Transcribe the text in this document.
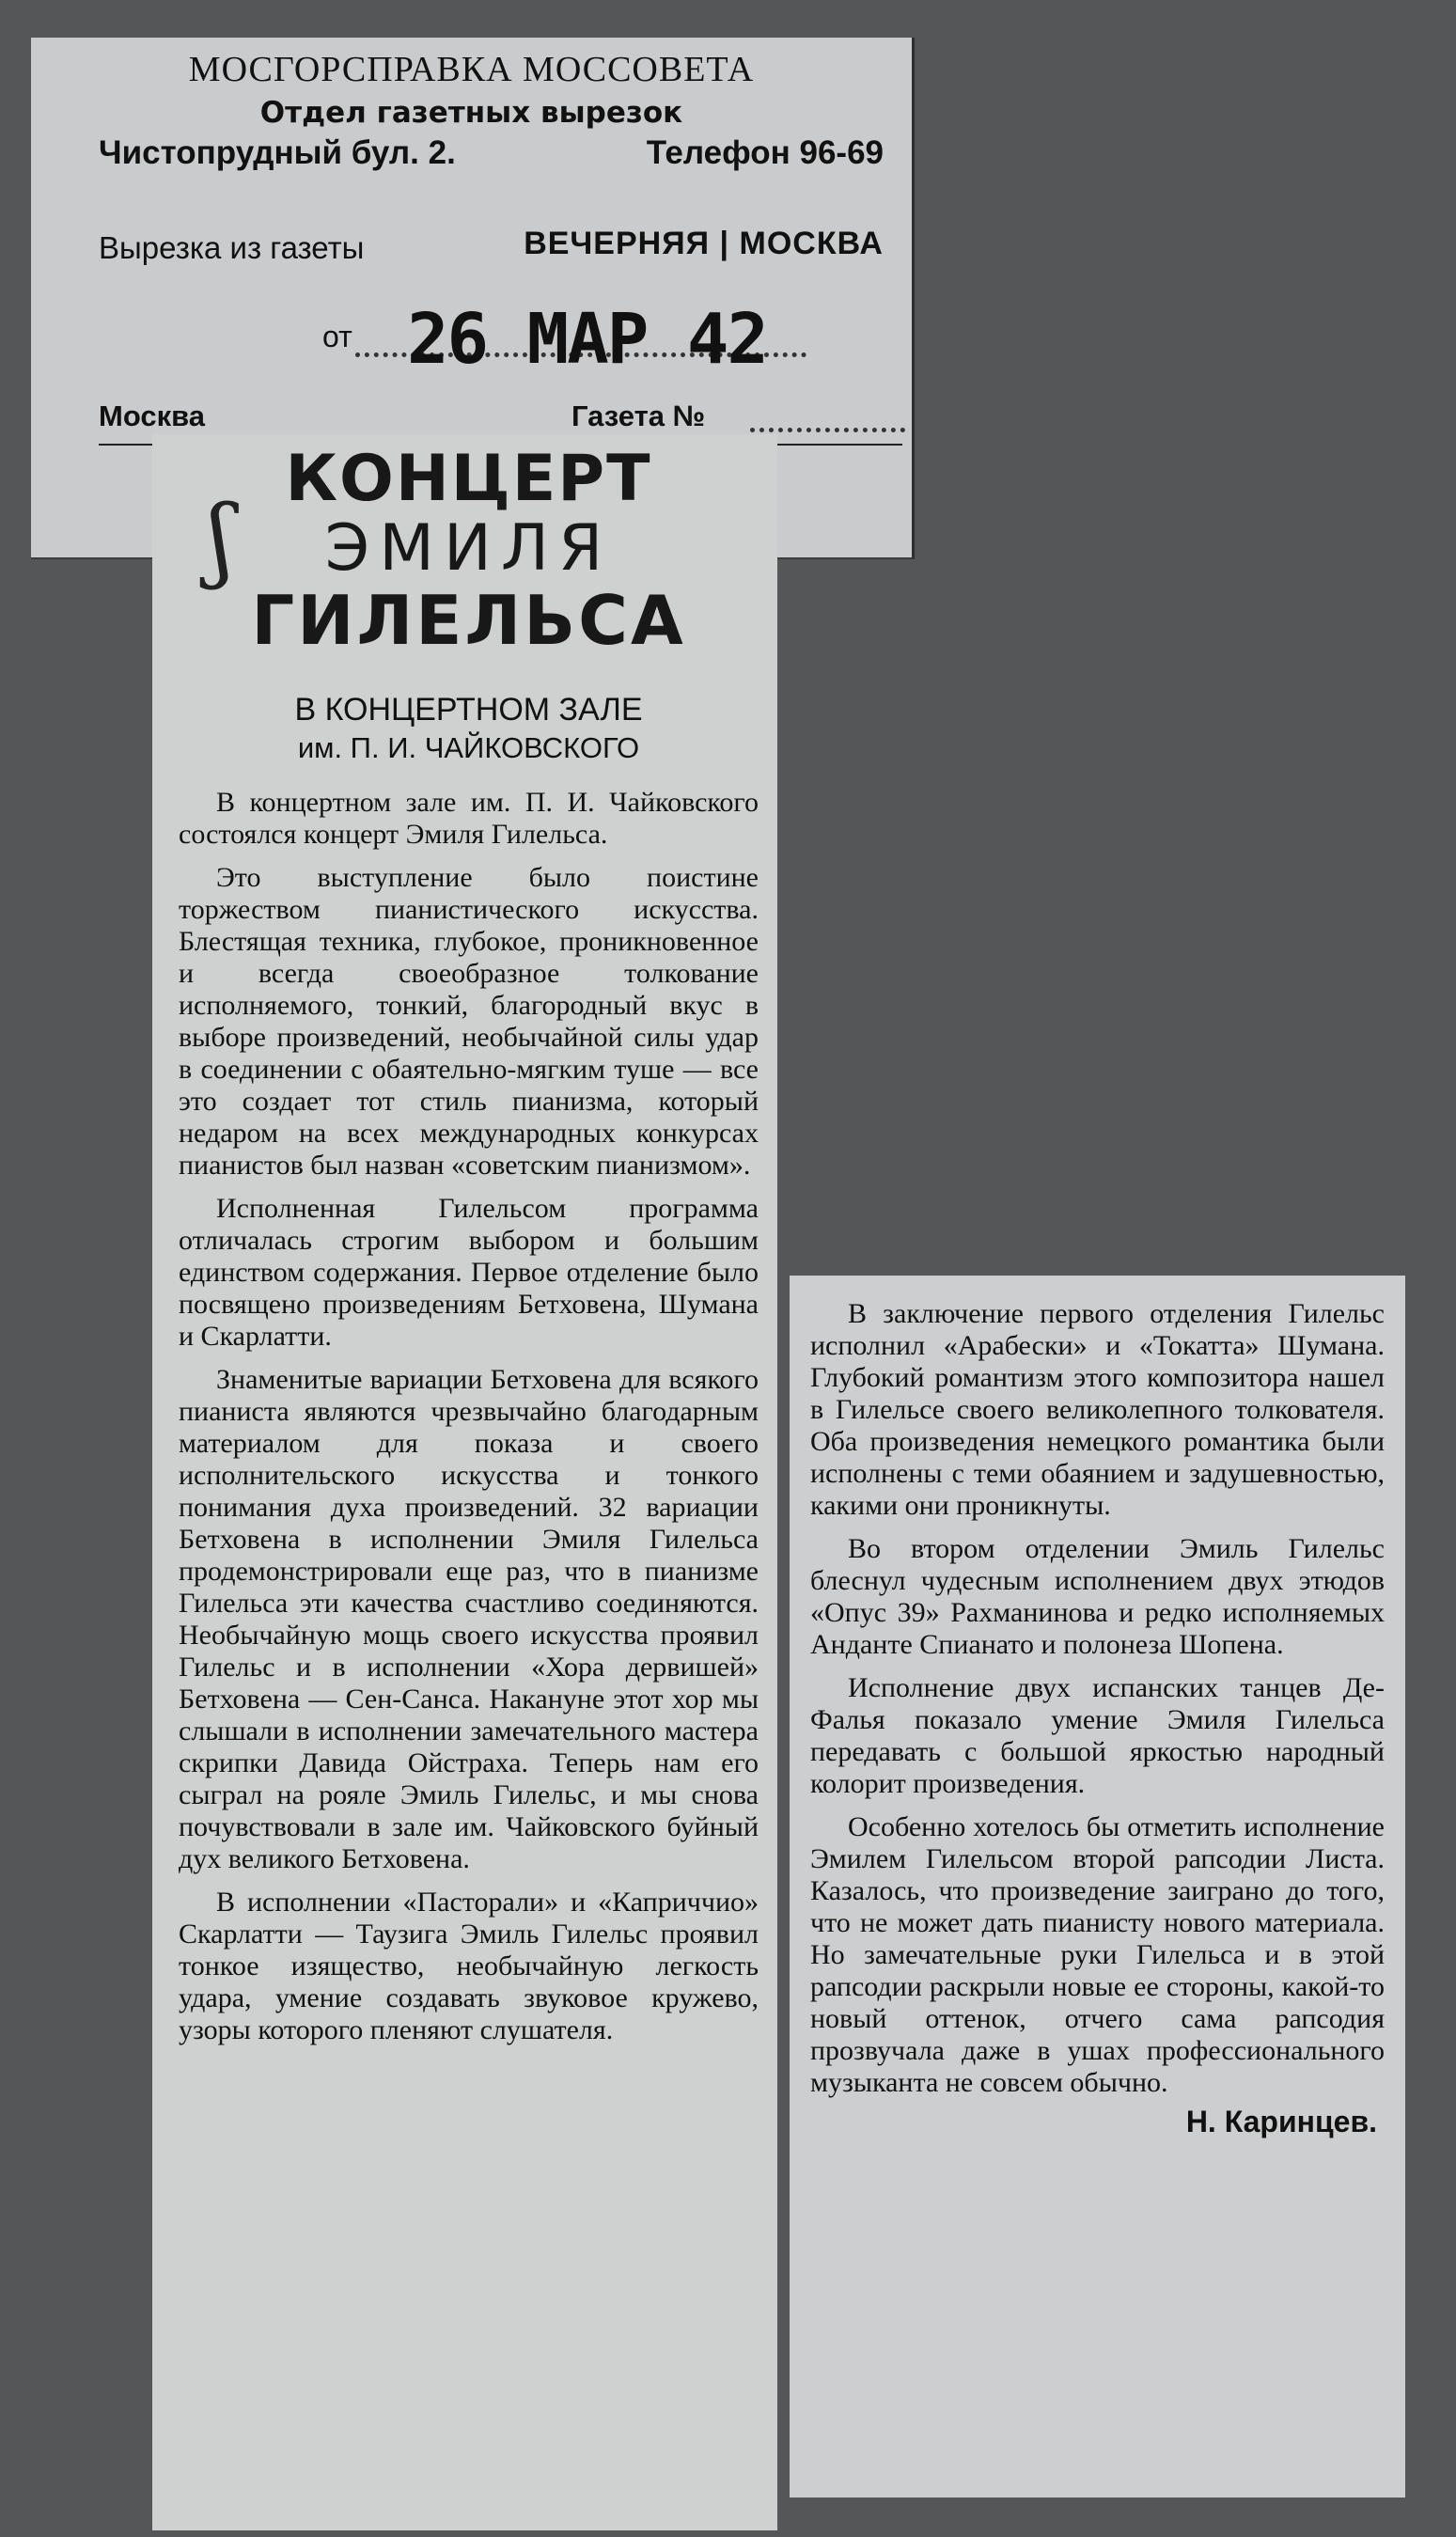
МОСГОРСПРАВКА МОССОВЕТА
Отдел газетных вырезок
Чистопрудный бул. 2.	Телефон 96-69
Вырезка из газеты	ВЕЧЕРНЯЯ | МОСКВА
от 26 МАР 42
Москва	Газета №
ʃ
КОНЦЕРТ
ЭМИЛЯ
ГИЛЕЛЬСА
В КОНЦЕРТНОМ ЗАЛЕ
им. П. И. ЧАЙКОВСКОГО

В концертном зале им. П. И. Чайковского состоялся концерт Эмиля Гилельса.

Это выступление было поистине торжеством пианистического искусства. Блестящая техника, глубокое, проникновенное и всегда своеобразное толкование исполняемого, тонкий, благородный вкус в выборе произведений, необычайной силы удар в соединении с обаятельно-мягким туше — все это создает тот стиль пианизма, который недаром на всех международных конкурсах пианистов был назван «советским пианизмом».

Исполненная Гилельсом программа отличалась строгим выбором и большим единством содержания. Первое отделение было посвящено произведениям Бетховена, Шумана и Скарлатти.

Знаменитые вариации Бетховена для всякого пианиста являются чрезвычайно благодарным материалом для показа и своего исполнительского искусства и тонкого понимания духа произведений. 32 вариации Бетховена в исполнении Эмиля Гилельса продемонстрировали еще раз, что в пианизме Гилельса эти качества счастливо соединяются. Необычайную мощь своего искусства проявил Гилельс и в исполнении «Хора дервишей» Бетховена — Сен-Санса. Накануне этот хор мы слышали в исполнении замечательного мастера скрипки Давида Ойстраха. Теперь нам его сыграл на рояле Эмиль Гилельс, и мы снова почувствовали в зале им. Чайковского буйный дух великого Бетховена.

В исполнении «Пасторали» и «Каприччио» Скарлатти — Таузига Эмиль Гилельс проявил тонкое изящество, необычайную легкость удара, умение создавать звуковое кружево, узоры которого пленяют слушателя.

В заключение первого отделения Гилельс исполнил «Арабески» и «Токатта» Шумана. Глубокий романтизм этого композитора нашел в Гилельсе своего великолепного толкователя. Оба произведения немецкого романтика были исполнены с теми обаянием и задушевностью, какими они проникнуты.

Во втором отделении Эмиль Гилельс блеснул чудесным исполнением двух этюдов «Опус 39» Рахманинова и редко исполняемых Анданте Спианато и полонеза Шопена.

Исполнение двух испанских танцев Де-Фалья показало умение Эмиля Гилельса передавать с большой яркостью народный колорит произведения.

Особенно хотелось бы отметить исполнение Эмилем Гилельсом второй рапсодии Листа. Казалось, что произведение заиграно до того, что не может дать пианисту нового материала. Но замечательные руки Гилельса и в этой рапсодии раскрыли новые ее стороны, какой-то новый оттенок, отчего сама рапсодия прозвучала даже в ушах профессионального музыканта не совсем обычно.

Н. Каринцев.
